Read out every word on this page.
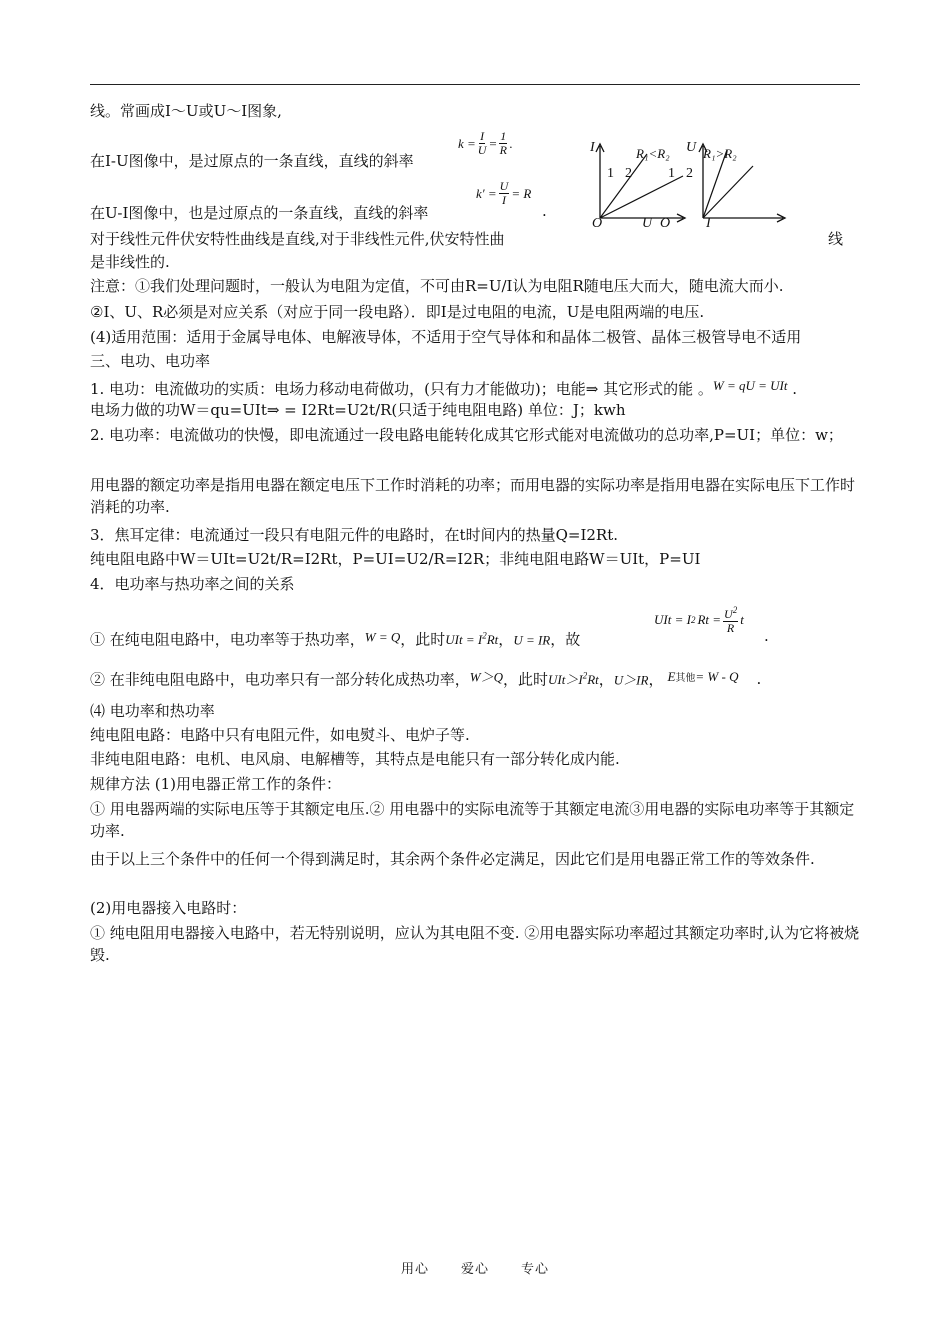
线。常画成I～U或U～I图象,
在I-U图像中，是过原点的一条直线，直线的斜率
$k = \frac{I}{U} = \frac{1}{R}$ .
在U-I图像中，也是过原点的一条直线，直线的斜率
$k' = \frac{U}{I} = R$
.
I	R₁<R₂
1 2
O	U
U R₁>R₂
1 2
O	I
对于线性元件伏安特性曲线是直线,对于非线性元件,伏安特性曲	线
是非线性的.
注意：①我们处理问题时，一般认为电阻为定值，不可由R=U/I认为电阻R随电压大而大，随电流大而小.
②I、U、R必须是对应关系（对应于同一段电路）．即I是过电阻的电流，U是电阻两端的电压.
(4)适用范围：适用于金属导电体、电解液导体，不适用于空气导体和和晶体二极管、晶体三极管导电不适用
三、电功、电功率
1. 电功：电流做功的实质：电场力移动电荷做功，(只有力才能做功)；电能⇒ 其它形式的能 。W = qU = UIt .
电场力做的功W＝qu=UIt⇒ = I2Rt=U2t/R(只适于纯电阻电路) 单位：J；kwh
2. 电功率：电流做功的快慢，即电流通过一段电路电能转化成其它形式能对电流做功的总功率,P=UI；单位：w；
用电器的额定功率是指用电器在额定电压下工作时消耗的功率；而用电器的实际功率是指用电器在实际电压下工作时消耗的功率.
3．焦耳定律：电流通过一段只有电阻元件的电路时，在t时间内的热量Q=I2Rt.
纯电阻电路中W＝UIt=U2t/R=I2Rt，P=UI=U2/R=I2R；非纯电阻电路W＝UIt，P=UI
4．电功率与热功率之间的关系
① 在纯电阻电路中，电功率等于热功率，W = Q，此时UIt = $I^2Rt$，U = IR，故
UIt = I 2 $Rt = \frac{U^2}{R}$ t
.
② 在非纯电阻电路中，电功率只有一部分转化成热功率，W＞Q，此时$UIt>I^2Rt$，U＞IR， E其他= W - Q .
⑷ 电功率和热功率
纯电阻电路：电路中只有电阻元件，如电熨斗、电炉子等.
非纯电阻电路：电机、电风扇、电解槽等，其特点是电能只有一部分转化成内能.
规律方法 (1)用电器正常工作的条件：
① 用电器两端的实际电压等于其额定电压.② 用电器中的实际电流等于其额定电流③用电器的实际电功率等于其额定功率.
由于以上三个条件中的任何一个得到满足时，其余两个条件必定满足，因此它们是用电器正常工作的等效条件.
(2)用电器接入电路时：
① 纯电阻用电器接入电路中，若无特别说明，应认为其电阻不变. ②用电器实际功率超过其额定功率时,认为它将被烧毁.
用心 爱心 专心
